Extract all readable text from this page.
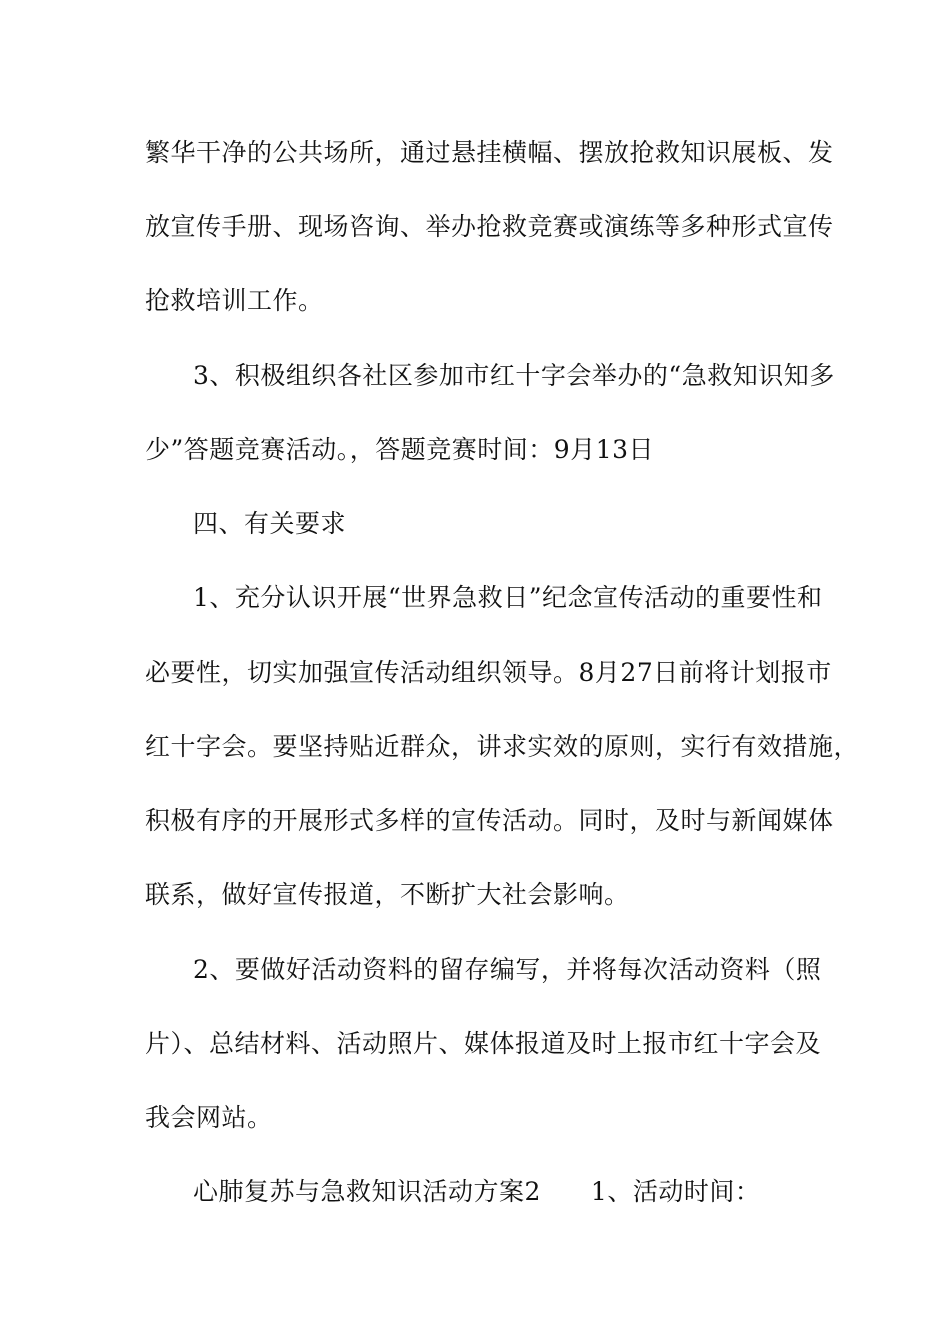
繁华干净的公共场所，通过悬挂横幅、摆放抢救知识展板、发
放宣传手册、现场咨询、举办抢救竞赛或演练等多种形式宣传
抢救培训工作。
3、积极组织各社区参加市红十字会举办的“急救知识知多
少”答题竞赛活动。，答题竞赛时间：9月13日
四、有关要求
1、充分认识开展“世界急救日”纪念宣传活动的重要性和
必要性，切实加强宣传活动组织领导。8月27日前将计划报市
红十字会。要坚持贴近群众，讲求实效的原则，实行有效措施，
积极有序的开展形式多样的宣传活动。同时，及时与新闻媒体
联系，做好宣传报道，不断扩大社会影响。
2、要做好活动资料的留存编写，并将每次活动资料（照
片）、总结材料、活动照片、媒体报道及时上报市红十字会及
我会网站。
心肺复苏与急救知识活动方案2 1、活动时间：
